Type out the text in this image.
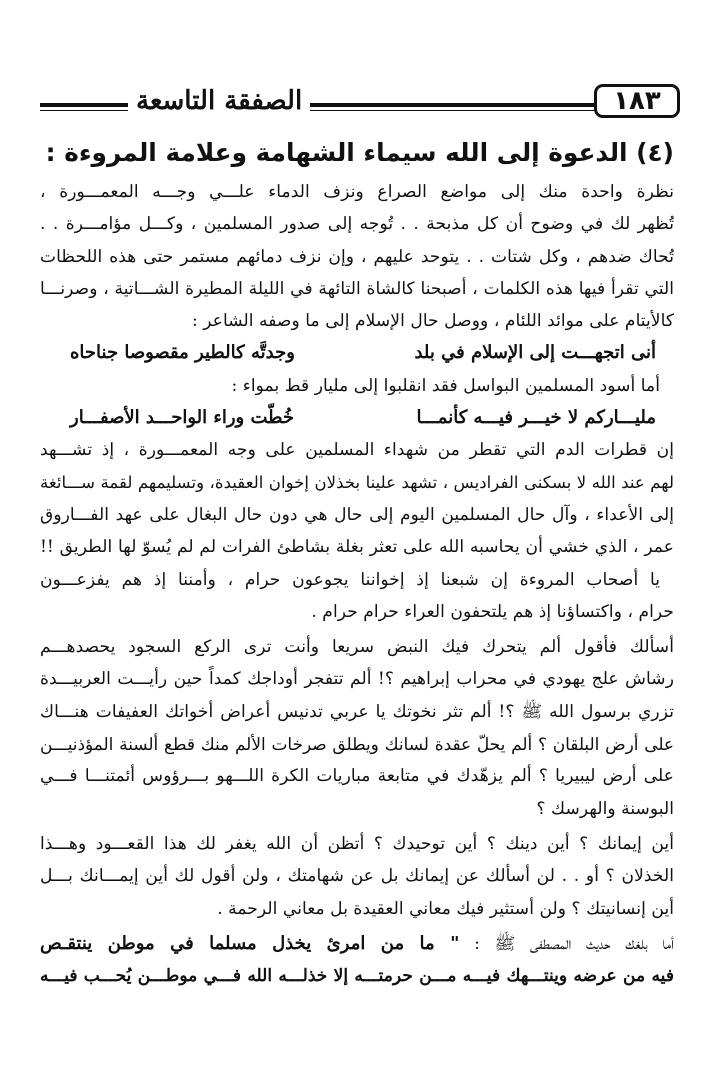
١٨٣
الصفقة التاسعة
(٤) الدعوة إلى الله سيماء الشهامة وعلامة المروءة :
نظرة واحدة منك إلى مواضع الصراع ونزف الدماء علـــي وجـــه المعمـــورة ،
تُظهر لك في وضوح أن كل مذبحة . . تُوجه إلى صدور المسلمين ، وكـــل مؤامـــرة . .
تُحاك ضدهم ، وكل شتات . . يتوحد عليهم ، وإن نزف دمائهم مستمر حتى هذه اللحظات
التي تقرأ فيها هذه الكلمات ، أصبحنا كالشاة التائهة في الليلة المطيرة الشـــاتية ، وصرنـــا
كالأيتام على موائد اللئام ، ووصل حال الإسلام إلى ما وصفه الشاعر :
أنى اتجهـــت إلى الإسلام في بلد
وجدتَّه كالطير مقصوصا جناحاه
أما أسود المسلمين البواسل فقد انقلبوا إلى مليار قط بمواء :
مليـــاركم لا خيـــر فيـــه كأنمـــا
خُطّت وراء الواحـــد الأصفـــار
إن قطرات الدم التي تقطر من شهداء المسلمين على وجه المعمـــورة ، إذ تشـــهد
لهم عند الله لا بسكنى الفراديس ، تشهد علينا بخذلان إخوان العقيدة، وتسليمهم لقمة ســـائغة
إلى الأعداء ، وآل حال المسلمين اليوم إلى حال هي دون حال البغال على عهد الفـــاروق
عمر ، الذي خشي أن يحاسبه الله على تعثر بغلة بشاطئ الفرات لم لم يُسوّ لها الطريق !!
يا أصحاب المروءة إن شبعنا إذ إخواننا يجوعون حرام ، وأمننا إذ هم يفزعـــون
حرام ، واكتساؤنا إذ هم يلتحفون العراء حرام حرام .
أسألك فأقول ألم يتحرك فيك النبض سريعا وأنت ترى الركع السجود يحصدهـــم
رشاش علج يهودي في محراب إبراهيم ؟! ألم تتفجر أوداجك كمداً حين رأيـــت العربيـــدة
تزري برسول الله ﷺ ؟! ألم تثر نخوتك يا عربي تدنيس أعراض أخواتك العفيفات هنـــاك
على أرض البلقان ؟ ألم يحلّ عقدة لسانك ويطلق صرخات الألم منك قطع ألسنة المؤذنيـــن
على أرض ليبيريا ؟ ألم يزهّدك في متابعة مباريات الكرة اللـــهو بـــرؤوس أئمتنـــا فـــي
البوسنة والهرسك ؟
أين إيمانك ؟ أين دينك ؟ أين توحيدك ؟ أتظن أن الله يغفر لك هذا القعـــود وهـــذا
الخذلان ؟ أو . . لن أسألك عن إيمانك بل عن شهامتك ، ولن أقول لك أين إيمـــانك بـــل
أين إنسانيتك ؟ ولن أستثير فيك معاني العقيدة بل معاني الرحمة .
أما بلغك حديث المصطفى ﷺ : " ما من امرئ يخذل مسلما في موطن ينتقـص
فيه من عرضه وينتـــهك فيـــه مـــن حرمتـــه إلا خذلـــه الله فـــي موطـــن يُحـــب فيـــه
